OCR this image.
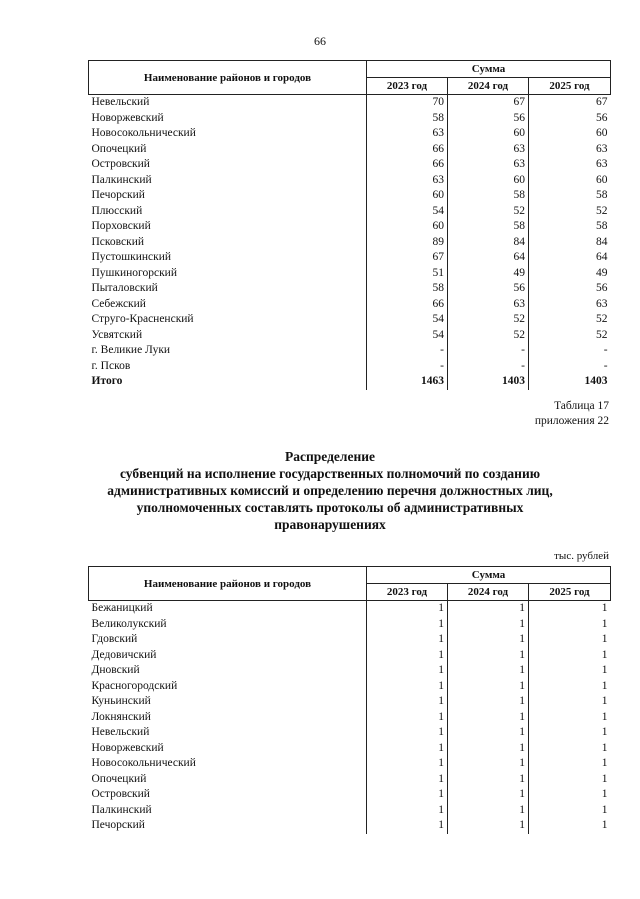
66
Наименование районов и городов	Сумма		
	2023 год	2024 год	2025 год
Невельский	70	67	67
Новоржевский	58	56	56
Новосокольнический	63	60	60
Опочецкий	66	63	63
Островский	66	63	63
Палкинский	63	60	60
Печорский	60	58	58
Плюсский	54	52	52
Порховский	60	58	58
Псковский	89	84	84
Пустошкинский	67	64	64
Пушкиногорский	51	49	49
Пыталовский	58	56	56
Себежский	66	63	63
Струго-Красненский	54	52	52
Усвятский	54	52	52
г. Великие Луки	-	-	-
г. Псков	-	-	-
Итого	1463	1403	1403
Таблица 17
приложения 22
Распределение
субвенций на исполнение государственных полномочий по созданию
административных комиссий и определению перечня должностных лиц,
уполномоченных составлять протоколы об административных
правонарушениях
тыс. рублей
Наименование районов и городов	Сумма		
	2023 год	2024 год	2025 год
Бежаницкий	1	1	1
Великолукский	1	1	1
Гдовский	1	1	1
Дедовичский	1	1	1
Дновский	1	1	1
Красногородский	1	1	1
Куньинский	1	1	1
Локнянский	1	1	1
Невельский	1	1	1
Новоржевский	1	1	1
Новосокольнический	1	1	1
Опочецкий	1	1	1
Островский	1	1	1
Палкинский	1	1	1
Печорский	1	1	1
